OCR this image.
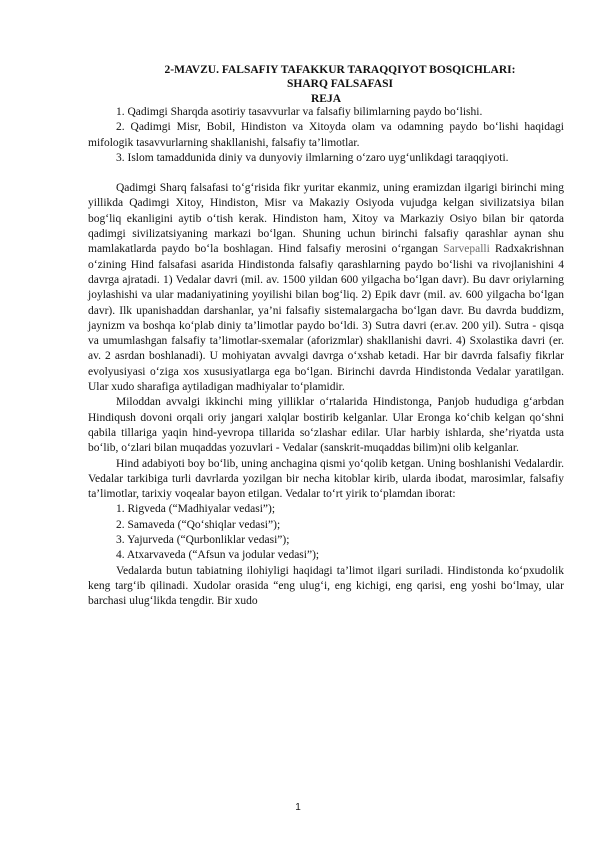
2-MAVZU. FALSAFIY TAFAKKUR TARAQQIYOT BOSQICHLARI:
SHARQ FALSAFASI
REJA

1. Qadimgi Sharqda asotiriy tasavvurlar va falsafiy bilimlarning paydo bo‘lishi.

2. Qadimgi Misr, Bobil, Hindiston va Xitoyda olam va odamning paydo bo‘lishi haqidagi mifologik tasavvurlarning shakllanishi, falsafiy ta’limotlar.

3. Islom tamaddunida diniy va dunyoviy ilmlarning o‘zaro uyg‘unlikdagi taraqqiyoti.

Qadimgi Sharq falsafasi to‘g‘risida fikr yuritar ekanmiz, uning eramizdan ilgarigi birinchi ming yillikda Qadimgi Xitoy, Hindiston, Misr va Makaziy Osiyoda vujudga kelgan sivilizatsiya bilan bog‘liq ekanligini aytib o‘tish kerak. Hindiston ham, Xitoy va Markaziy Osiyo bilan bir qatorda qadimgi sivilizatsiyaning markazi bo‘lgan. Shuning uchun birinchi falsafiy qarashlar aynan shu mamlakatlarda paydo bo‘la boshlagan. Hind falsafiy merosini o‘rgangan Sarvepalli Radxakrishnan o‘zining Hind falsafasi asarida Hindistonda falsafiy qarashlarning paydo bo‘lishi va rivojlanishini 4 davrga ajratadi. 1) Vedalar davri (mil. av. 1500 yildan 600 yilgacha bo‘lgan davr). Bu davr oriylarning joylashishi va ular madaniyatining yoyilishi bilan bog‘liq. 2) Epik davr (mil. av. 600 yilgacha bo‘lgan davr). Ilk upanishaddan darshanlar, ya’ni falsafiy sistemalargacha bo‘lgan davr. Bu davrda buddizm, jaynizm va boshqa ko‘plab diniy ta’limotlar paydo bo‘ldi. 3) Sutra davri (er.av. 200 yil). Sutra - qisqa va umumlashgan falsafiy ta’limotlar-sxemalar (aforizmlar) shakllanishi davri. 4) Sxolastika davri (er. av. 2 asrdan boshlanadi). U mohiyatan avvalgi davrga o‘xshab ketadi. Har bir davrda falsafiy fikrlar evolyusiyasi o‘ziga xos xususiyatlarga ega bo‘lgan. Birinchi davrda Hindistonda Vedalar yaratilgan. Ular xudo sharafiga aytiladigan madhiyalar to‘plamidir.

Miloddan avvalgi ikkinchi ming yilliklar o‘rtalarida Hindistonga, Panjob hududiga g‘arbdan Hindiqush dovoni orqali oriy jangari xalqlar bostirib kelganlar. Ular Eronga ko‘chib kelgan qo‘shni qabila tillariga yaqin hind-yevropa tillarida so‘zlashar edilar. Ular harbiy ishlarda, she’riyatda usta bo‘lib, o‘zlari bilan muqaddas yozuvlari - Vedalar (sanskrit-muqaddas bilim)ni olib kelganlar.

Hind adabiyoti boy bo‘lib, uning anchagina qismi yo‘qolib ketgan. Uning boshlanishi Vedalardir. Vedalar tarkibiga turli davrlarda yozilgan bir necha kitoblar kirib, ularda ibodat, marosimlar, falsafiy ta’limotlar, tarixiy voqealar bayon etilgan. Vedalar to‘rt yirik to‘plamdan iborat:

1. Rigveda (“Madhiyalar vedasi”);
2. Samaveda (“Qo‘shiqlar vedasi”);
3. Yajurveda (“Qurbonliklar vedasi”);
4. Atxarvaveda (“Afsun va jodular vedasi”);

Vedalarda butun tabiatning ilohiyligi haqidagi ta’limot ilgari suriladi. Hindistonda ko‘pxudolik keng targ‘ib qilinadi. Xudolar orasida “eng ulug‘i, eng kichigi, eng qarisi, eng yoshi bo‘lmay, ular barchasi ulug‘likda tengdir. Bir xudo

1
